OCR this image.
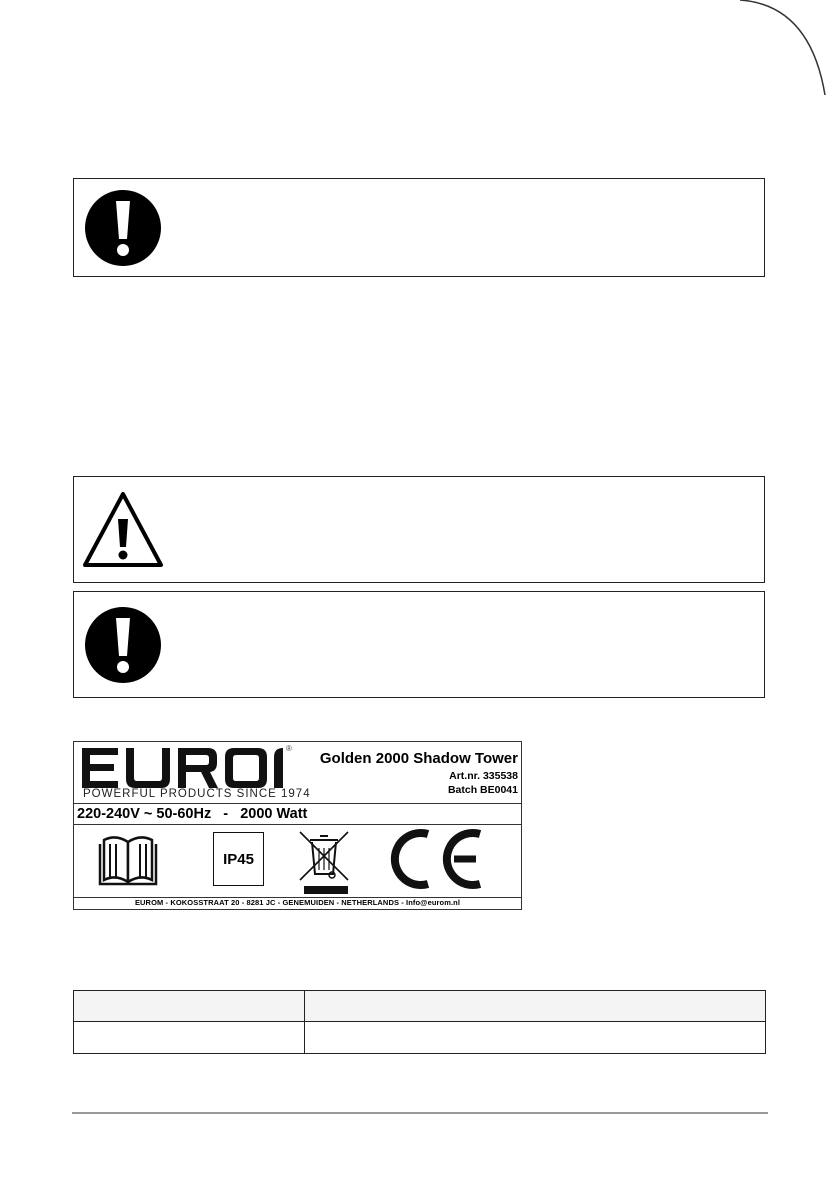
®
POWERFUL PRODUCTS SINCE 1974
Golden 2000 Shadow Tower
Art.nr. 335538
Batch BE0041
220-240V ~ 50-60Hz   -   2000 Watt
IP45
EUROM - KOKOSSTRAAT 20 - 8281 JC - GENEMUIDEN - NETHERLANDS - Info@eurom.nl
